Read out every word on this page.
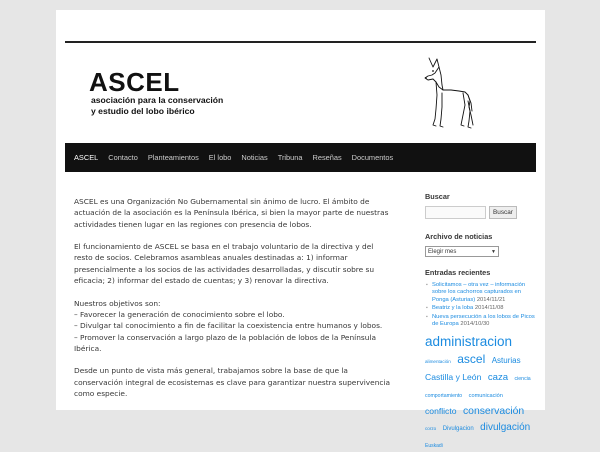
ASCEL
asociación para la conservación
y estudio del lobo ibérico
ASCEL	Contacto	Planteamientos	El lobo	Noticias	Tribuna	Reseñas	Documentos

ASCEL es una Organización No Gubernamental sin ánimo de lucro. El ámbito de actuación de la asociación es la Península Ibérica, si bien la mayor parte de nuestras actividades tienen lugar en las regiones con presencia de lobos.

El funcionamiento de ASCEL se basa en el trabajo voluntario de la directiva y del resto de socios. Celebramos asambleas anuales destinadas a: 1) informar presencialmente a los socios de las actividades desarrolladas, y discutir sobre su eficacia; 2) informar del estado de cuentas; y 3) renovar la directiva.

Nuestros objetivos son:
– Favorecer la generación de conocimiento sobre el lobo.
– Divulgar tal conocimiento a fin de facilitar la coexistencia entre humanos y lobos.
– Promover la conservación a largo plazo de la población de lobos de la Península Ibérica.

Desde un punto de vista más general, trabajamos sobre la base de que la conservación integral de ecosistemas es clave para garantizar nuestra supervivencia como especie.

Buscar
Buscar
Archivo de noticias
Elegir mes	▼
Entradas recientes
▪ Solicitamos – otra vez – información sobre los cachorros capturados en Ponga (Asturias) 2014/11/21
▪ Beatriz y la loba 2014/11/08
▪ Nueva persecución a los lobos de Picos de Europa 2014/10/30
administracion alimentación ascel Asturias Castilla y León caza ciencia comportamiento comunicación conflicto conservación corzo Divulgacion divulgación Euskadi
